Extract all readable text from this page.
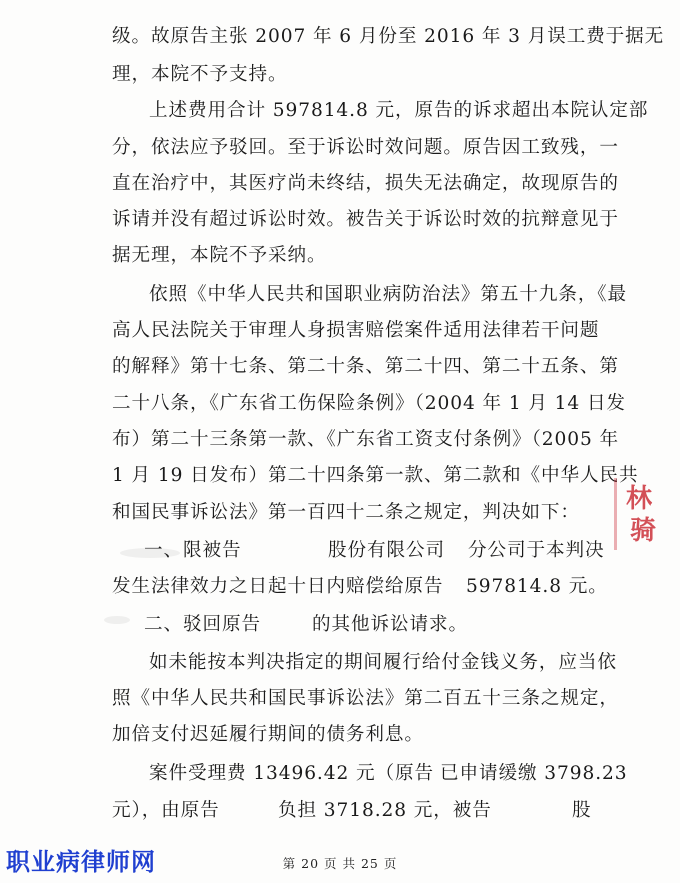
级。故原告主张 2007 年 6 月份至 2016 年 3 月误工费于据无
理，本院不予支持。
上述费用合计 597814.8 元，原告的诉求超出本院认定部
分，依法应予驳回。至于诉讼时效问题。原告因工致残，一
直在治疗中，其医疗尚未终结，损失无法确定，故现原告的
诉请并没有超过诉讼时效。被告关于诉讼时效的抗辩意见于
据无理，本院不予采纳。
依照《中华人民共和国职业病防治法》第五十九条，《最
高人民法院关于审理人身损害赔偿案件适用法律若干问题
的解释》第十七条、第二十条、第二十四、第二十五条、第
二十八条，《广东省工伤保险条例》（2004 年 1 月 14 日发
布）第二十三条第一款、《广东省工资支付条例》（2005 年
1 月 19 日发布）第二十四条第一款、第二款和《中华人民共
和国民事诉讼法》第一百四十二条之规定，判决如下：
一、限被告	股份有限公司 分公司于本判决
发生法律效力之日起十日内赔偿给原告 597814.8 元。
二、驳回原告	的其他诉讼请求。
如未能按本判决指定的期间履行给付金钱义务，应当依
照《中华人民共和国民事诉讼法》第二百五十三条之规定，
加倍支付迟延履行期间的债务利息。
案件受理费 13496.42 元（原告 已申请缓缴 3798.23
元），由原告	负担 3718.28 元，被告	股
林
骑
第 20 页 共 25 页
职业病律师网
